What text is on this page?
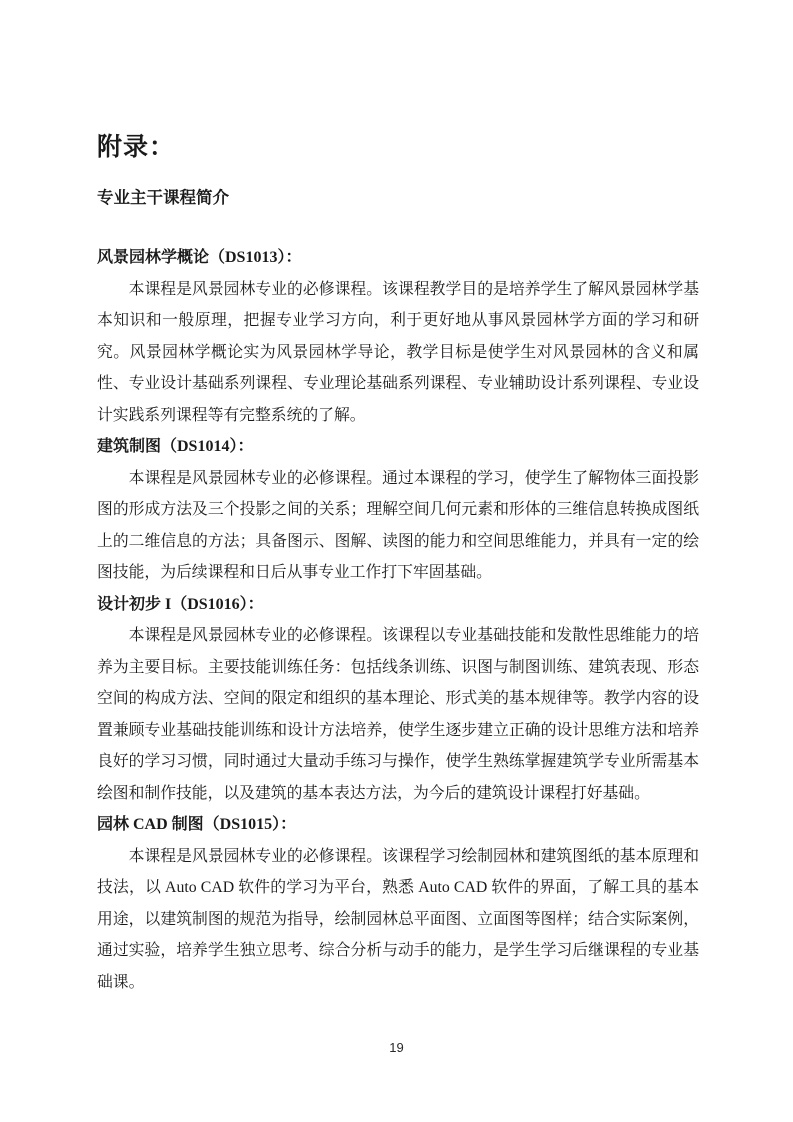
附录：
专业主干课程简介
风景园林学概论（DS1013）：
本课程是风景园林专业的必修课程。该课程教学目的是培养学生了解风景园林学基本知识和一般原理，把握专业学习方向，利于更好地从事风景园林学方面的学习和研究。风景园林学概论实为风景园林学导论，教学目标是使学生对风景园林的含义和属性、专业设计基础系列课程、专业理论基础系列课程、专业辅助设计系列课程、专业设计实践系列课程等有完整系统的了解。
建筑制图（DS1014）：
本课程是风景园林专业的必修课程。通过本课程的学习，使学生了解物体三面投影图的形成方法及三个投影之间的关系；理解空间几何元素和形体的三维信息转换成图纸上的二维信息的方法；具备图示、图解、读图的能力和空间思维能力，并具有一定的绘图技能，为后续课程和日后从事专业工作打下牢固基础。
设计初步 I（DS1016）：
本课程是风景园林专业的必修课程。该课程以专业基础技能和发散性思维能力的培养为主要目标。主要技能训练任务：包括线条训练、识图与制图训练、建筑表现、形态空间的构成方法、空间的限定和组织的基本理论、形式美的基本规律等。教学内容的设置兼顾专业基础技能训练和设计方法培养，使学生逐步建立正确的设计思维方法和培养良好的学习习惯，同时通过大量动手练习与操作，使学生熟练掌握建筑学专业所需基本绘图和制作技能，以及建筑的基本表达方法，为今后的建筑设计课程打好基础。
园林 CAD 制图（DS1015）：
本课程是风景园林专业的必修课程。该课程学习绘制园林和建筑图纸的基本原理和技法，以 Auto CAD 软件的学习为平台，熟悉 Auto CAD 软件的界面，了解工具的基本用途，以建筑制图的规范为指导，绘制园林总平面图、立面图等图样；结合实际案例，通过实验，培养学生独立思考、综合分析与动手的能力，是学生学习后继课程的专业基础课。
19
